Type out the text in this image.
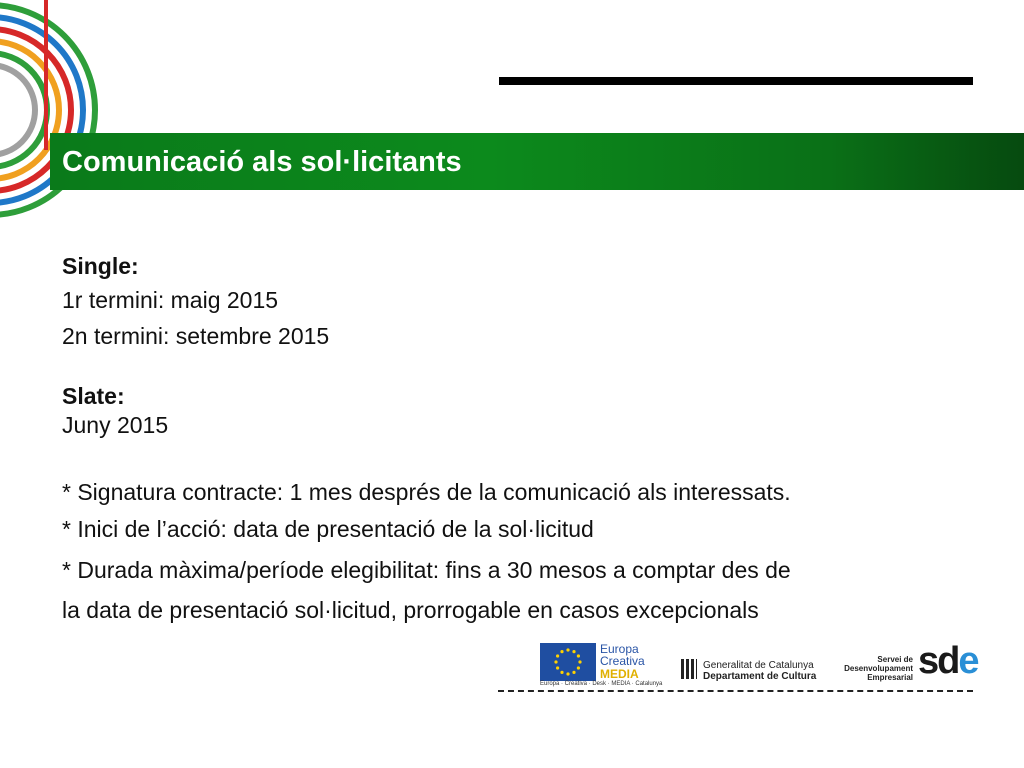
Comunicació als sol·licitants
Single:
1r termini: maig 2015
2n termini: setembre 2015
Slate:
Juny 2015
* Signatura contracte: 1 mes després de la comunicació als interessats.
* Inici de l’acció: data de presentació de la sol·licitud
* Durada màxima/període elegibilitat: fins a 30 mesos a comptar des de
la data de presentació sol·licitud, prorrogable en casos excepcionals
Europa
Creativa
MEDIA
Europa · Creativa · Desk · MEDIA · Catalunya
Generalitat de Catalunya
Departament de Cultura
Servei de
Desenvolupament
Empresarial sde
